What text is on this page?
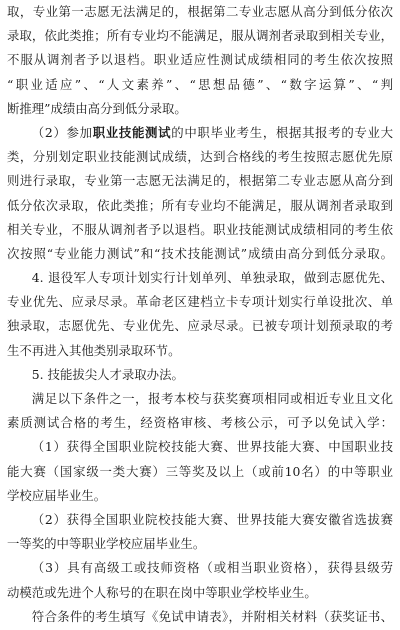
取，专业第一志愿无法满足的，根据第二专业志愿从高分到低分依次
录取，依此类推；所有专业均不能满足，服从调剂者录取到相关专业，
不服从调剂者予以退档。职业适应性测试成绩相同的考生依次按照
“职业适应”、“人文素养”、“思想品德”、“数字运算”、“判
断推理”成绩由高分到低分录取。
（2）参加职业技能测试的中职毕业考生，根据其报考的专业大
类，分别划定职业技能测试成绩，达到合格线的考生按照志愿优先原
则进行录取，专业第一志愿无法满足的，根据第二专业志愿从高分到
低分依次录取，依此类推；所有专业均不能满足，服从调剂者录取到
相关专业，不服从调剂者予以退档。职业技能测试成绩相同的考生依
次按照“专业能力测试”和“技术技能测试”成绩由高分到低分录取。
4. 退役军人专项计划实行计划单列、单独录取，做到志愿优先、
专业优先、应录尽录。革命老区建档立卡专项计划实行单设批次、单
独录取，志愿优先、专业优先、应录尽录。已被专项计划预录取的考
生不再进入其他类别录取环节。
5. 技能拔尖人才录取办法。
满足以下条件之一，报考本校与获奖赛项相同或相近专业且文化
素质测试合格的考生，经资格审核、考核公示，可予以免试入学：
（1）获得全国职业院校技能大赛、世界技能大赛、中国职业技
能大赛（国家级一类大赛）三等奖及以上（或前10名）的中等职业
学校应届毕业生。
（2）获得全国职业院校技能大赛、世界技能大赛安徽省选拔赛
一等奖的中等职业学校应届毕业生。
（3）具有高级工或技师资格（或相当职业资格），获得县级劳
动模范或先进个人称号的在职在岗中等职业学校毕业生。
符合条件的考生填写《免试申请表》，并附相关材料（获奖证书、
